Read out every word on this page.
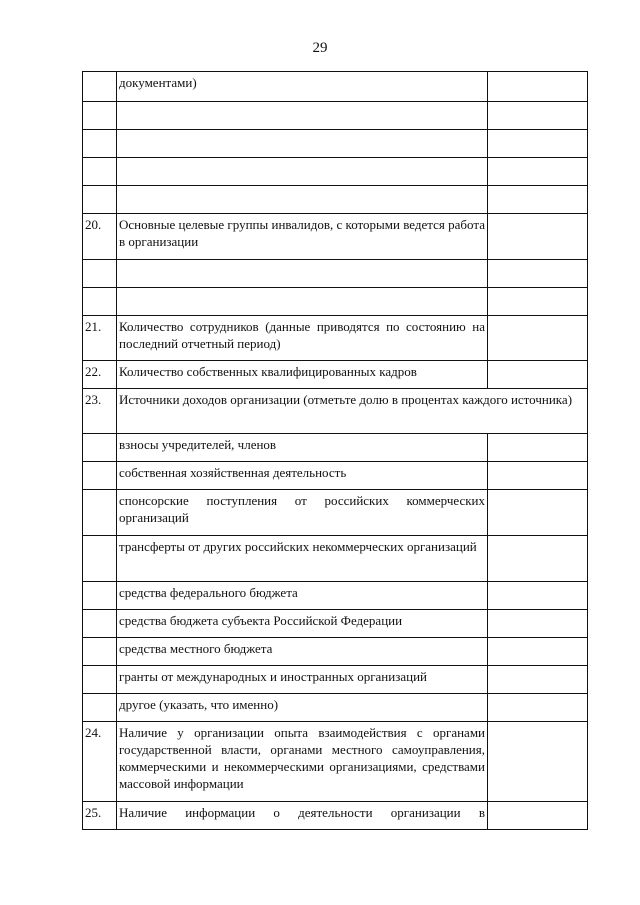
29
	документами)	

20.	Основные целевые группы инвалидов, с которыми ведется работа в организации	

21.	Количество сотрудников (данные приводятся по состоянию на последний отчетный период)	
22.	Количество собственных квалифицированных кадров	
23.	Источники доходов организации (отметьте долю в процентах каждого источника)	
	взносы учредителей, членов	
	собственная хозяйственная деятельность	
	спонсорские поступления от российских коммерческих организаций	
	трансферты от других российских некоммерческих организаций	
	средства федерального бюджета	
	средства бюджета субъекта Российской Федерации	
	средства местного бюджета	
	гранты от международных и иностранных организаций	
	другое (указать, что именно)	
24.	Наличие у организации опыта взаимодействия с органами государственной власти, органами местного самоуправления, коммерческими и некоммерческими организациями, средствами массовой информации	
25.	Наличие информации о деятельности организации в	
